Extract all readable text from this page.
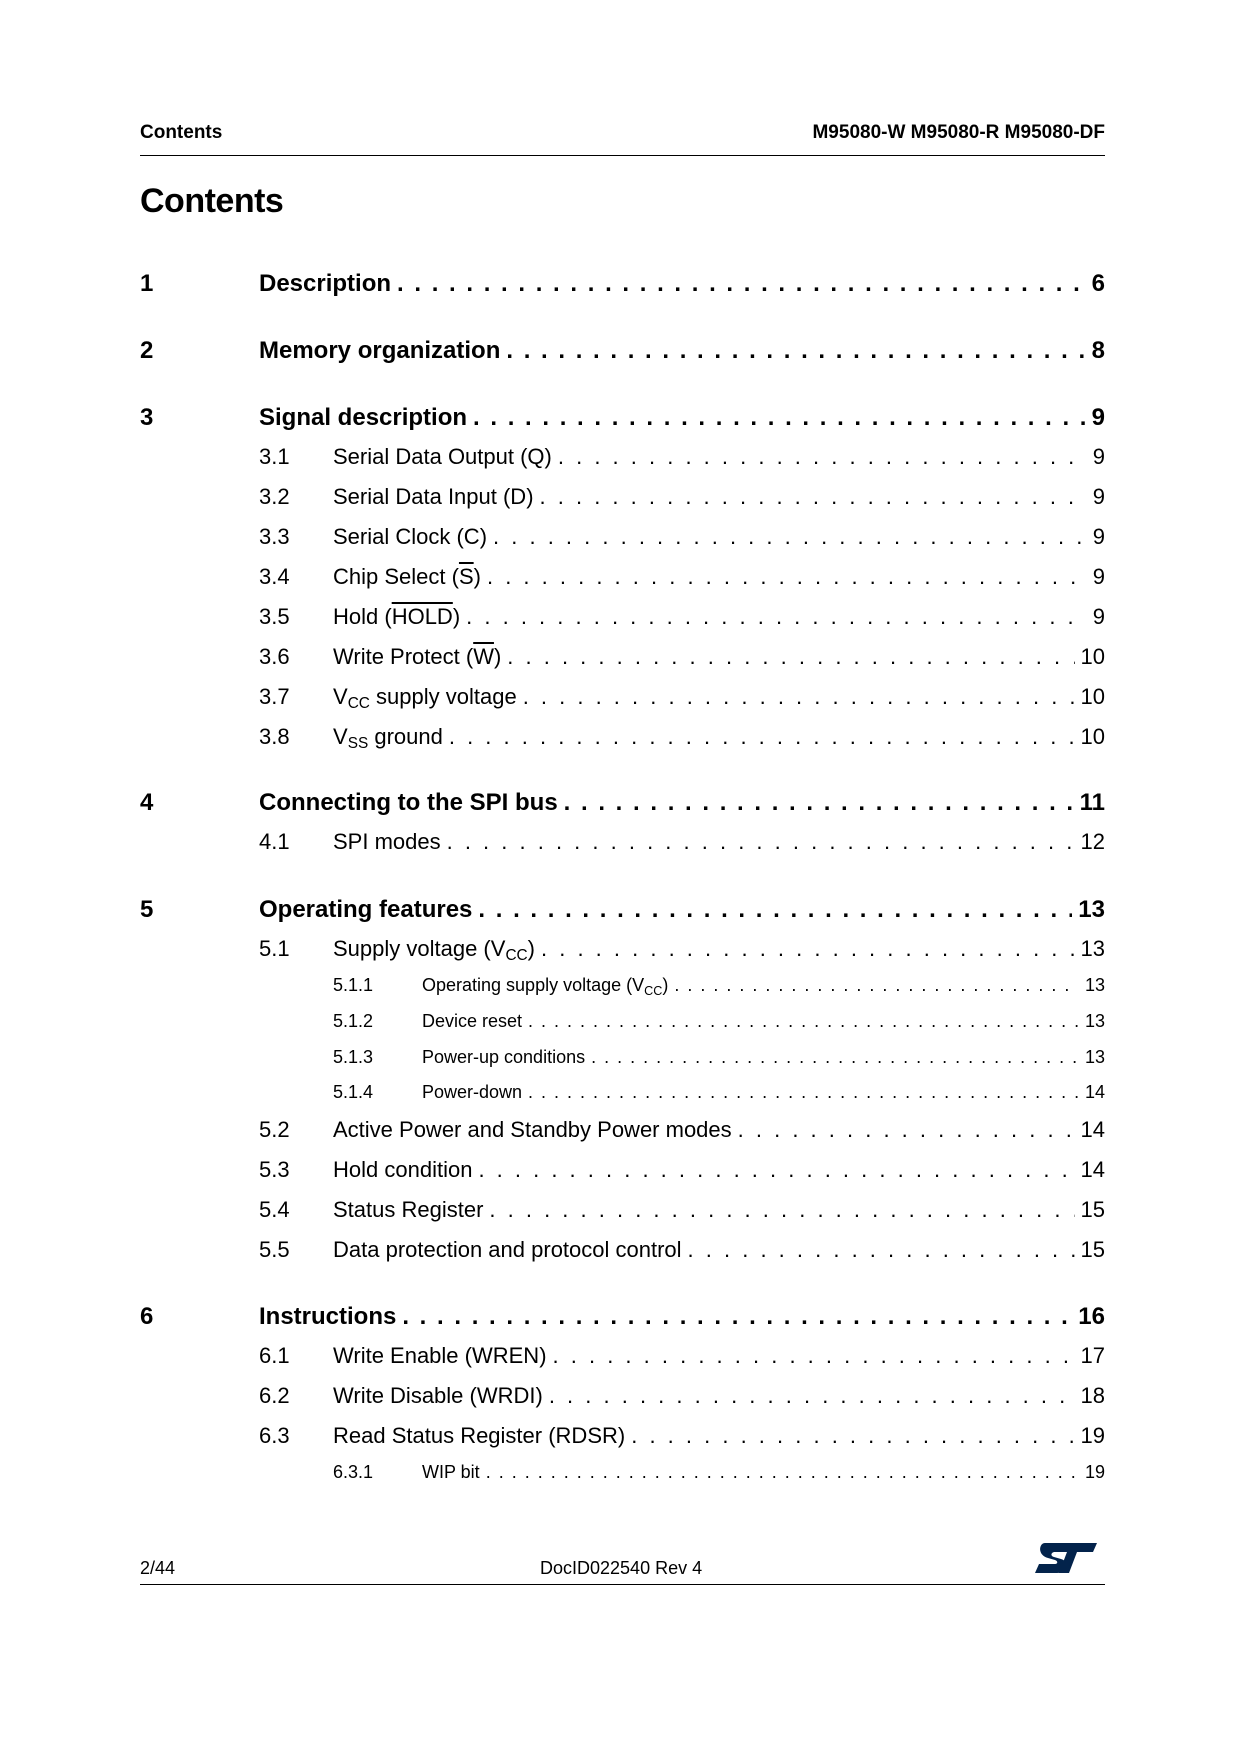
Contents	M95080-W M95080-R M95080-DF
Contents
1	Description . . .	6
2	Memory organization . . .	8
3	Signal description . . .	9
3.1 Serial Data Output (Q) . . .	9
3.2 Serial Data Input (D) . . .	9
3.3 Serial Clock (C) . . .	9
3.4 Chip Select $(\overline{S})$ . . .	9
3.5 Hold (HOLD) . . .	9
3.6 Write Protect $(\overline{W})$ . . .	10
3.7 $V_{CC}$ supply voltage . . .	10
3.8 $V_{SS}$ ground . . .	10
4	Connecting to the SPI bus . . .	11
4.1 SPI modes . . .	12
5	Operating features . . .	13
5.1 Supply voltage $(V_{CC})$ . . .	13
5.1.1	Operating supply voltage $(V_{CC})$ . . .	13
5.1.2	Device reset . . .	13
5.1.3	Power-up conditions . . .	13
5.1.4	Power-down . . .	14
5.2 Active Power and Standby Power modes . . .	14
5.3 Hold condition . . .	14
5.4 Status Register . . .	15
5.5 Data protection and protocol control . . .	15
6	Instructions . . .	16
6.1 Write Enable (WREN) . . .	17
6.2 Write Disable (WRDI) . . .	18
6.3 Read Status Register (RDSR) . . .	19
6.3.1	WIP bit . . .	19
2/44	DocID022540 Rev 4
